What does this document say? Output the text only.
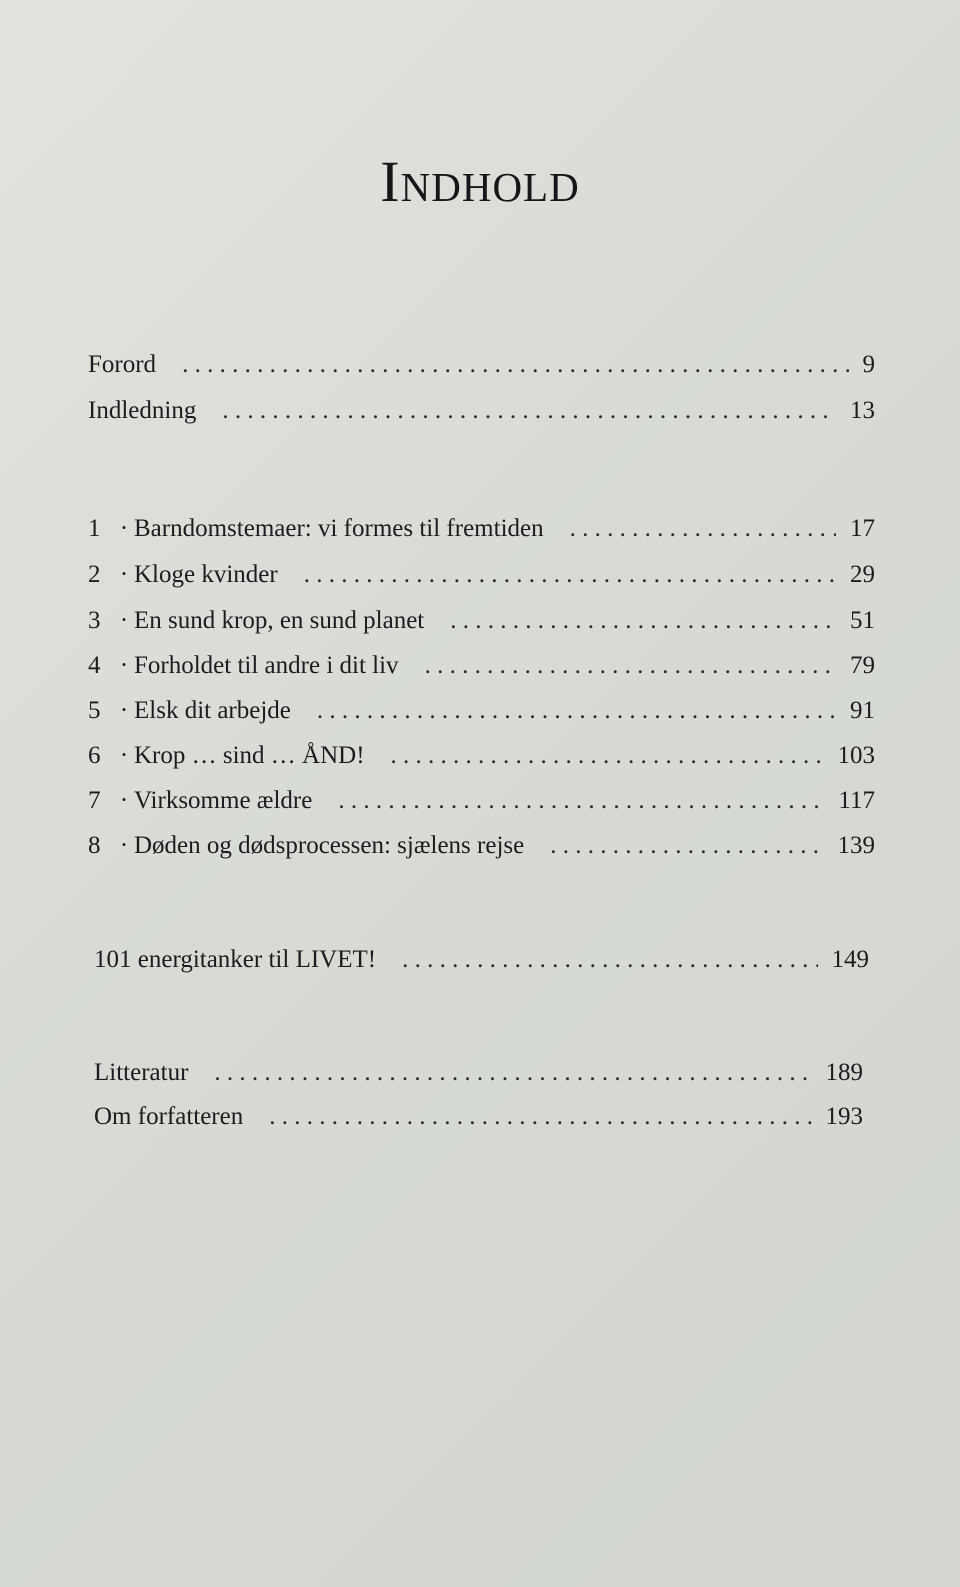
Indhold
Forord . . .	9
Indledning . . .	13
1 · Barndomstemaer: vi formes til fremtiden . . .	17
2 · Kloge kvinder . . .	29
3 · En sund krop, en sund planet . . .	51
4 · Forholdet til andre i dit liv . . .	79
5 · Elsk dit arbejde . . .	91
6 · Krop … sind … ÅND! . . .	103
7 · Virksomme ældre . . .	117
8 · Døden og dødsprocessen: sjælens rejse . . .	139
101 energitanker til LIVET! . . .	149
Litteratur . . .	189
Om forfatteren . . .	193
